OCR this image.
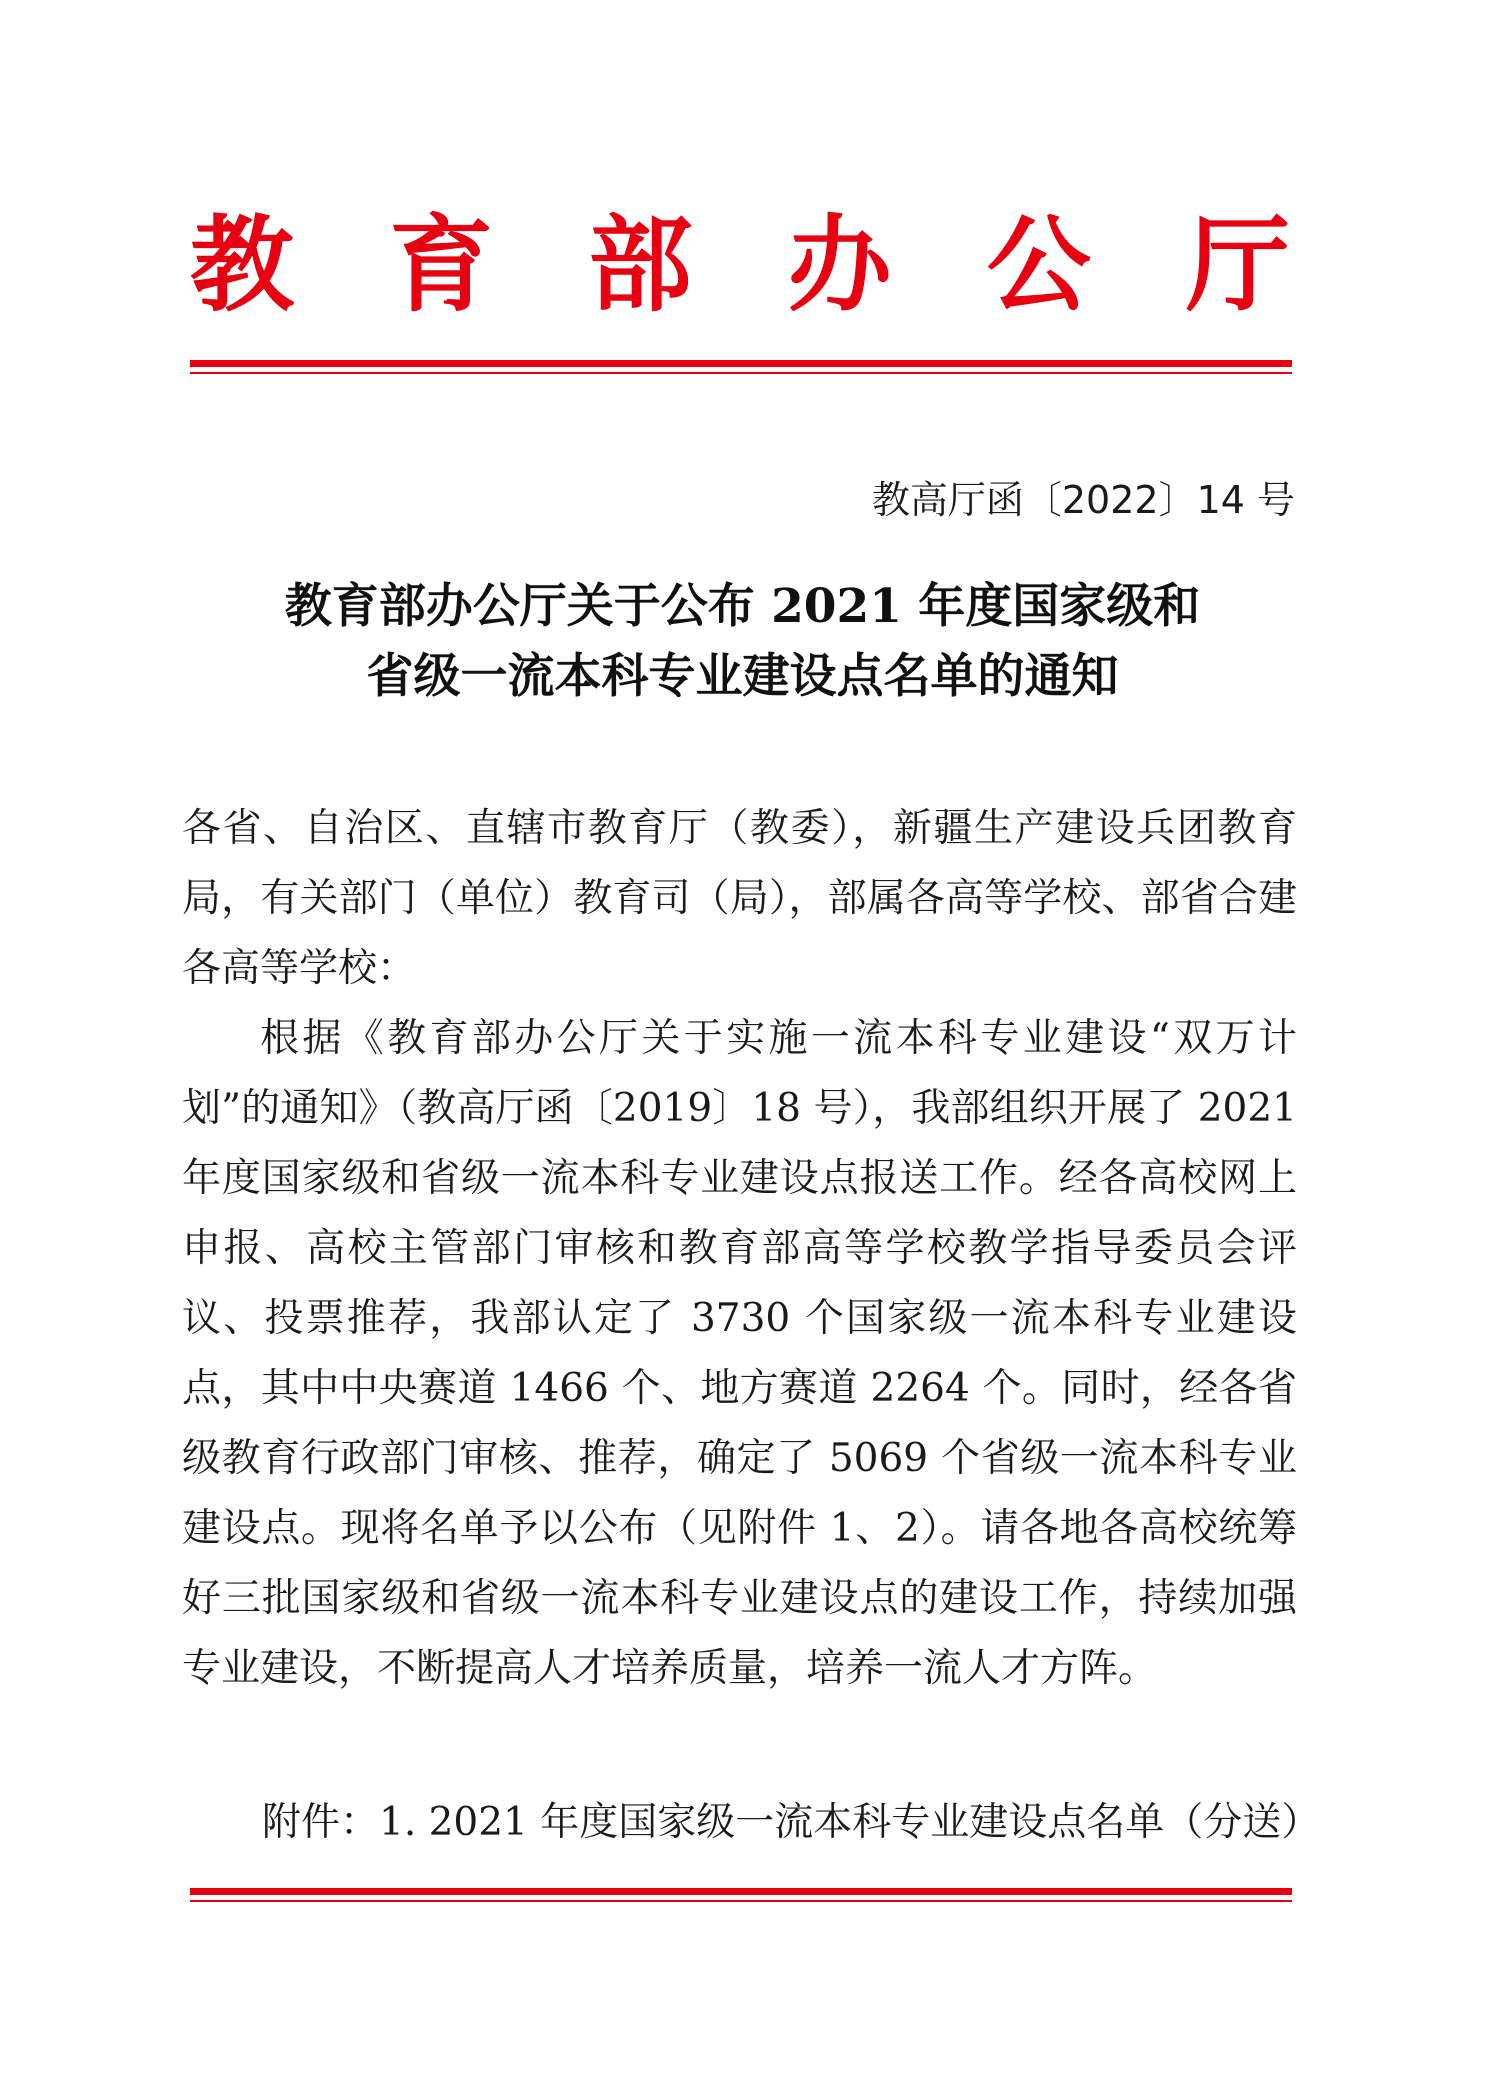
教 育 部 办 公 厅
教高厅函〔2022〕14 号
教育部办公厅关于公布 2021 年度国家级和
省级一流本科专业建设点名单的通知
各省、自治区、直辖市教育厅（教委），新疆生产建设兵团教育局，有关部门（单位）教育司（局），部属各高等学校、部省合建各高等学校：
根据《教育部办公厅关于实施一流本科专业建设“双万计划”的通知》（教高厅函〔2019〕18 号），我部组织开展了 2021 年度国家级和省级一流本科专业建设点报送工作。经各高校网上申报、高校主管部门审核和教育部高等学校教学指导委员会评议、投票推荐，我部认定了 3730 个国家级一流本科专业建设点，其中中央赛道 1466 个、地方赛道 2264 个。同时，经各省级教育行政部门审核、推荐，确定了 5069 个省级一流本科专业建设点。现将名单予以公布（见附件 1、2）。请各地各高校统筹好三批国家级和省级一流本科专业建设点的建设工作，持续加强专业建设，不断提高人才培养质量，培养一流人才方阵。
附件：1. 2021 年度国家级一流本科专业建设点名单（分送）
